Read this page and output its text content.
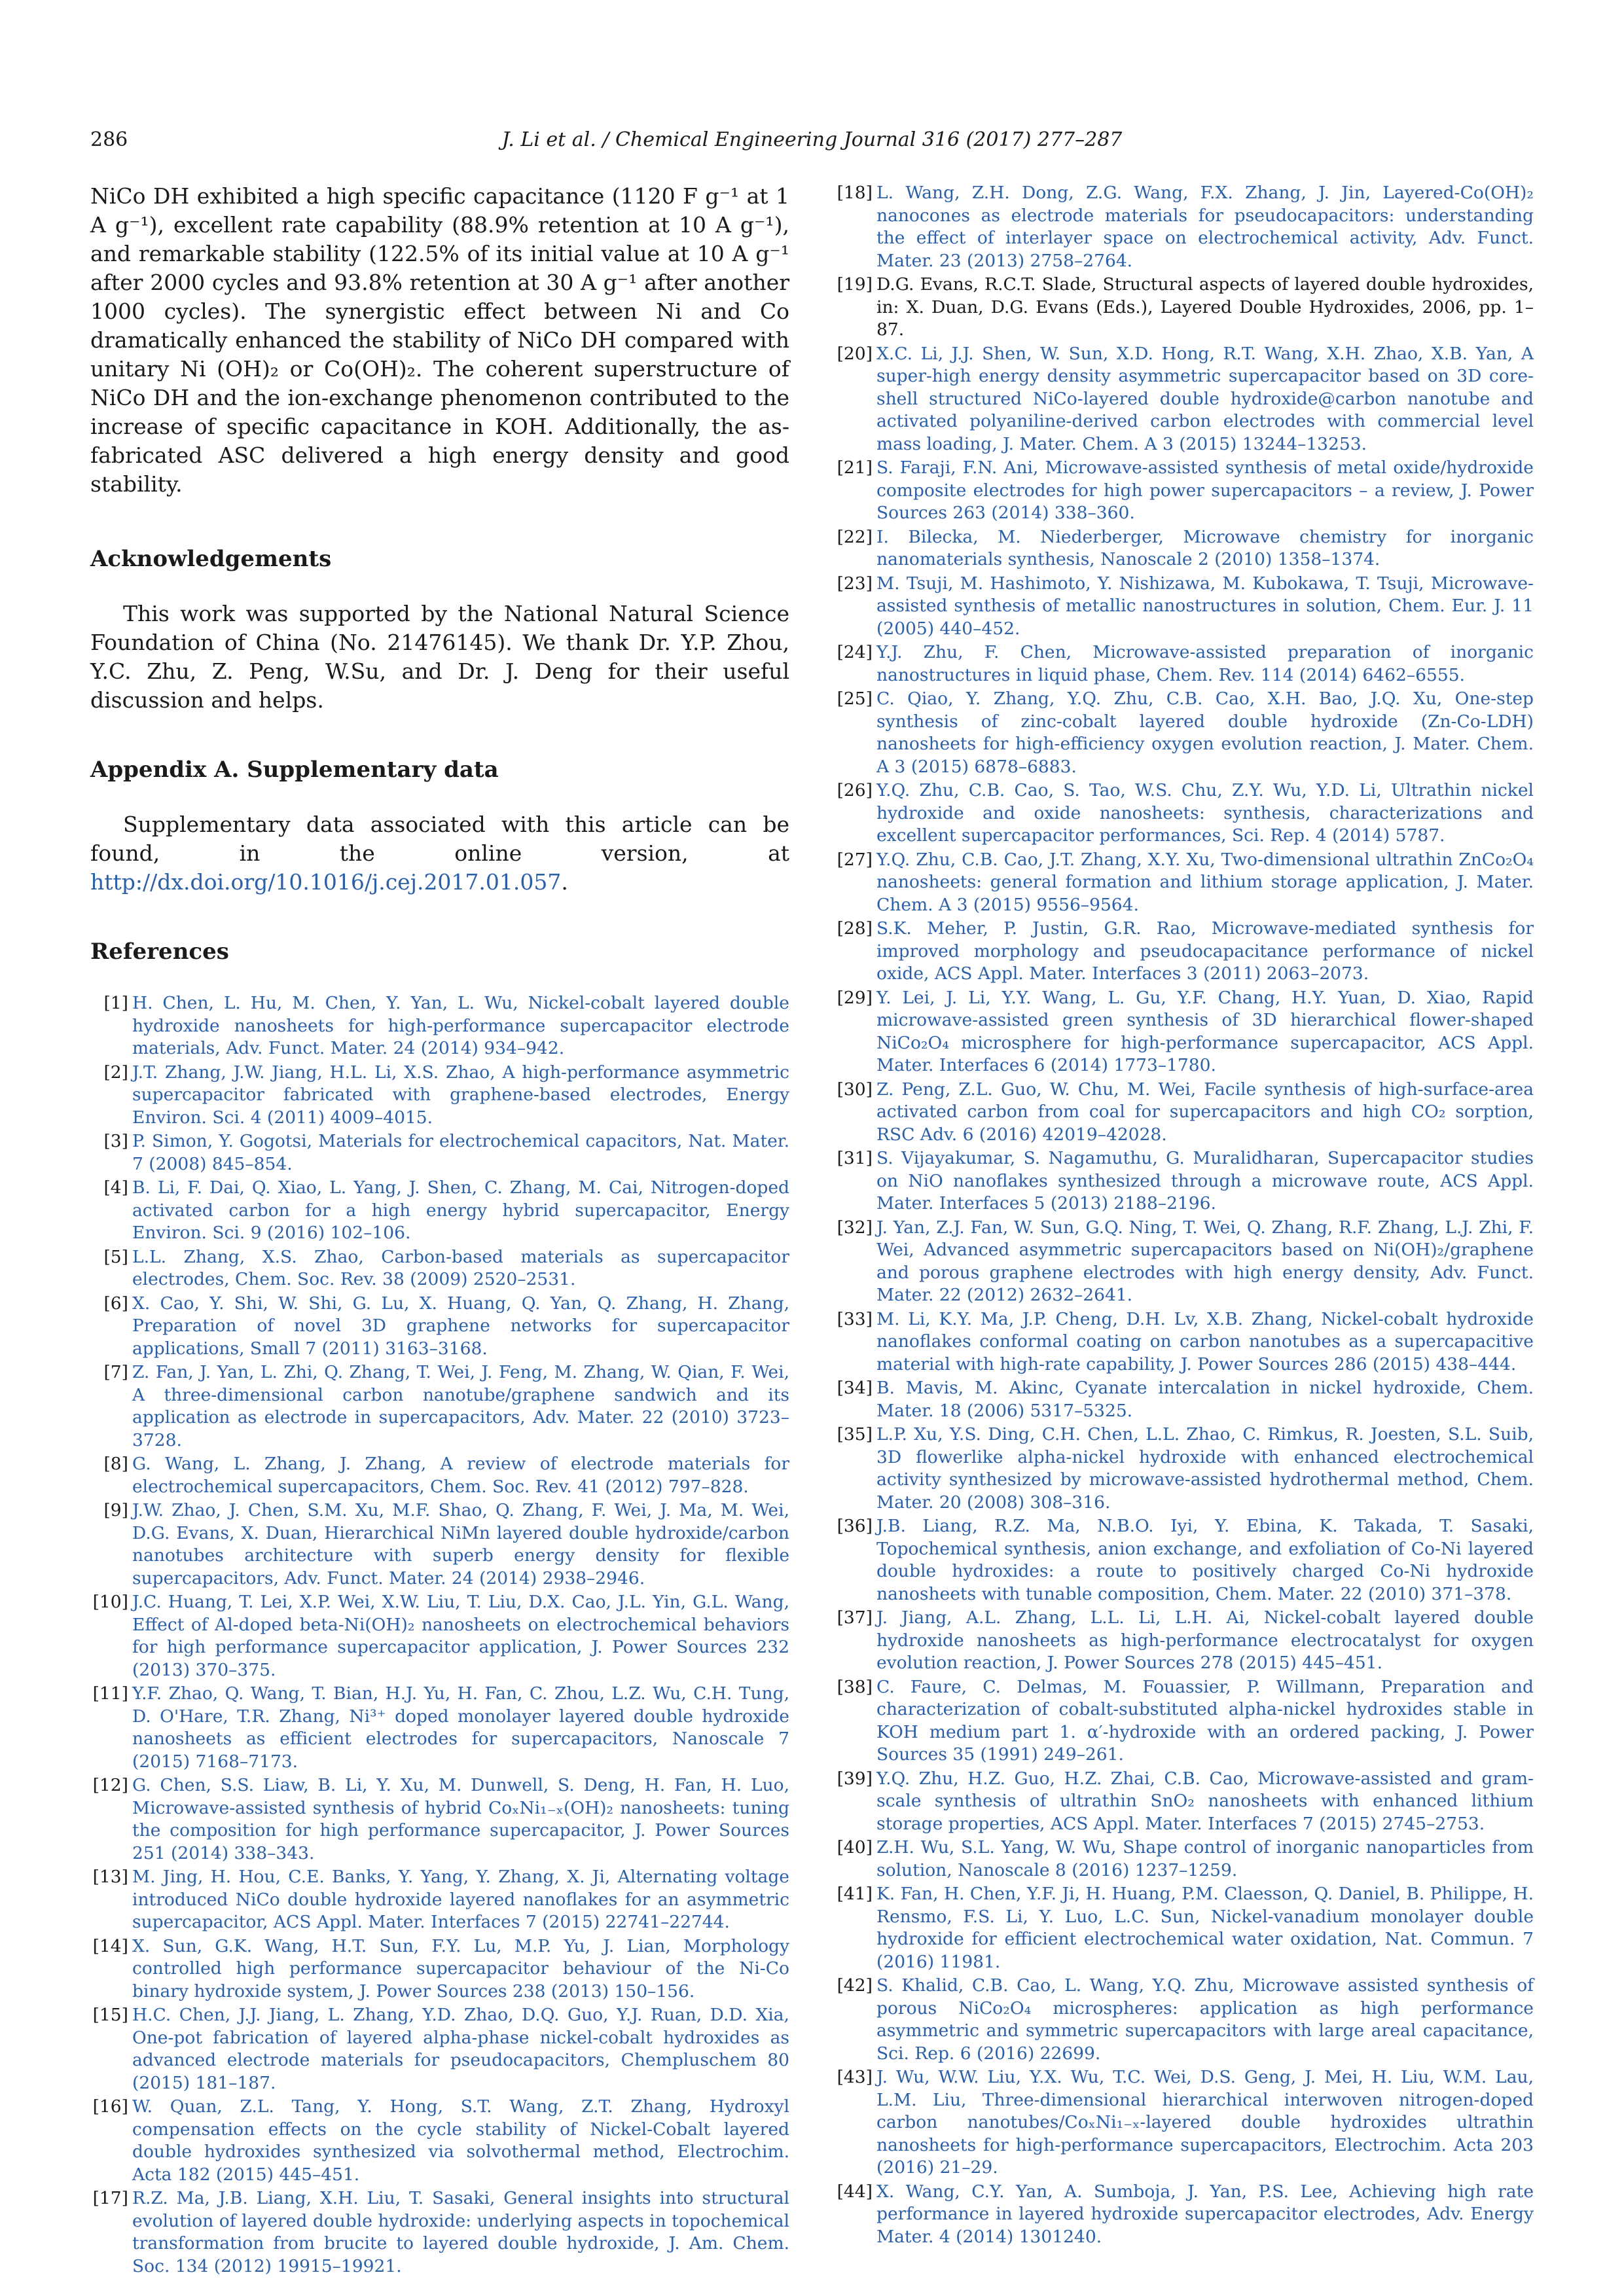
J. Li et al. / Chemical Engineering Journal 316 (2017) 277–287
286

NiCo DH exhibited a high specific capacitance (1120 F g⁻¹ at 1 A g⁻¹), excellent rate capability (88.9% retention at 10 A g⁻¹), and remarkable stability (122.5% of its initial value at 10 A g⁻¹ after 2000 cycles and 93.8% retention at 30 A g⁻¹ after another 1000 cycles). The synergistic effect between Ni and Co dramatically enhanced the stability of NiCo DH compared with unitary Ni (OH)₂ or Co(OH)₂. The coherent superstructure of NiCo DH and the ion-exchange phenomenon contributed to the increase of specific capacitance in KOH. Additionally, the as-fabricated ASC delivered a high energy density and good stability.

Acknowledgements

This work was supported by the National Natural Science Foundation of China (No. 21476145). We thank Dr. Y.P. Zhou, Y.C. Zhu, Z. Peng, W.Su, and Dr. J. Deng for their useful discussion and helps.

Appendix A. Supplementary data

Supplementary data associated with this article can be found, in the online version, at http://dx.doi.org/10.1016/j.cej.2017.01.057.

References
[1] H. Chen, L. Hu, M. Chen, Y. Yan, L. Wu, Nickel-cobalt layered double hydroxide nanosheets for high-performance supercapacitor electrode materials, Adv. Funct. Mater. 24 (2014) 934–942.
[2] J.T. Zhang, J.W. Jiang, H.L. Li, X.S. Zhao, A high-performance asymmetric supercapacitor fabricated with graphene-based electrodes, Energy Environ. Sci. 4 (2011) 4009–4015.
[3] P. Simon, Y. Gogotsi, Materials for electrochemical capacitors, Nat. Mater. 7 (2008) 845–854.
[4] B. Li, F. Dai, Q. Xiao, L. Yang, J. Shen, C. Zhang, M. Cai, Nitrogen-doped activated carbon for a high energy hybrid supercapacitor, Energy Environ. Sci. 9 (2016) 102–106.
[5] L.L. Zhang, X.S. Zhao, Carbon-based materials as supercapacitor electrodes, Chem. Soc. Rev. 38 (2009) 2520–2531.
[6] X. Cao, Y. Shi, W. Shi, G. Lu, X. Huang, Q. Yan, Q. Zhang, H. Zhang, Preparation of novel 3D graphene networks for supercapacitor applications, Small 7 (2011) 3163–3168.
[7] Z. Fan, J. Yan, L. Zhi, Q. Zhang, T. Wei, J. Feng, M. Zhang, W. Qian, F. Wei, A three-dimensional carbon nanotube/graphene sandwich and its application as electrode in supercapacitors, Adv. Mater. 22 (2010) 3723–3728.
[8] G. Wang, L. Zhang, J. Zhang, A review of electrode materials for electrochemical supercapacitors, Chem. Soc. Rev. 41 (2012) 797–828.
[9] J.W. Zhao, J. Chen, S.M. Xu, M.F. Shao, Q. Zhang, F. Wei, J. Ma, M. Wei, D.G. Evans, X. Duan, Hierarchical NiMn layered double hydroxide/carbon nanotubes architecture with superb energy density for flexible supercapacitors, Adv. Funct. Mater. 24 (2014) 2938–2946.
[10] J.C. Huang, T. Lei, X.P. Wei, X.W. Liu, T. Liu, D.X. Cao, J.L. Yin, G.L. Wang, Effect of Al-doped beta-Ni(OH)₂ nanosheets on electrochemical behaviors for high performance supercapacitor application, J. Power Sources 232 (2013) 370–375.
[11] Y.F. Zhao, Q. Wang, T. Bian, H.J. Yu, H. Fan, C. Zhou, L.Z. Wu, C.H. Tung, D. O'Hare, T.R. Zhang, Ni³⁺ doped monolayer layered double hydroxide nanosheets as efficient electrodes for supercapacitors, Nanoscale 7 (2015) 7168–7173.
[12] G. Chen, S.S. Liaw, B. Li, Y. Xu, M. Dunwell, S. Deng, H. Fan, H. Luo, Microwave-assisted synthesis of hybrid CoₓNi₁₋ₓ(OH)₂ nanosheets: tuning the composition for high performance supercapacitor, J. Power Sources 251 (2014) 338–343.
[13] M. Jing, H. Hou, C.E. Banks, Y. Yang, Y. Zhang, X. Ji, Alternating voltage introduced NiCo double hydroxide layered nanoflakes for an asymmetric supercapacitor, ACS Appl. Mater. Interfaces 7 (2015) 22741–22744.
[14] X. Sun, G.K. Wang, H.T. Sun, F.Y. Lu, M.P. Yu, J. Lian, Morphology controlled high performance supercapacitor behaviour of the Ni-Co binary hydroxide system, J. Power Sources 238 (2013) 150–156.
[15] H.C. Chen, J.J. Jiang, L. Zhang, Y.D. Zhao, D.Q. Guo, Y.J. Ruan, D.D. Xia, One-pot fabrication of layered alpha-phase nickel-cobalt hydroxides as advanced electrode materials for pseudocapacitors, Chempluschem 80 (2015) 181–187.
[16] W. Quan, Z.L. Tang, Y. Hong, S.T. Wang, Z.T. Zhang, Hydroxyl compensation effects on the cycle stability of Nickel-Cobalt layered double hydroxides synthesized via solvothermal method, Electrochim. Acta 182 (2015) 445–451.
[17] R.Z. Ma, J.B. Liang, X.H. Liu, T. Sasaki, General insights into structural evolution of layered double hydroxide: underlying aspects in topochemical transformation from brucite to layered double hydroxide, J. Am. Chem. Soc. 134 (2012) 19915–19921.
[18] L. Wang, Z.H. Dong, Z.G. Wang, F.X. Zhang, J. Jin, Layered-Co(OH)₂ nanocones as electrode materials for pseudocapacitors: understanding the effect of interlayer space on electrochemical activity, Adv. Funct. Mater. 23 (2013) 2758–2764.
[19] D.G. Evans, R.C.T. Slade, Structural aspects of layered double hydroxides, in: X. Duan, D.G. Evans (Eds.), Layered Double Hydroxides, 2006, pp. 1–87.
[20] X.C. Li, J.J. Shen, W. Sun, X.D. Hong, R.T. Wang, X.H. Zhao, X.B. Yan, A super-high energy density asymmetric supercapacitor based on 3D core-shell structured NiCo-layered double hydroxide@carbon nanotube and activated polyaniline-derived carbon electrodes with commercial level mass loading, J. Mater. Chem. A 3 (2015) 13244–13253.
[21] S. Faraji, F.N. Ani, Microwave-assisted synthesis of metal oxide/hydroxide composite electrodes for high power supercapacitors – a review, J. Power Sources 263 (2014) 338–360.
[22] I. Bilecka, M. Niederberger, Microwave chemistry for inorganic nanomaterials synthesis, Nanoscale 2 (2010) 1358–1374.
[23] M. Tsuji, M. Hashimoto, Y. Nishizawa, M. Kubokawa, T. Tsuji, Microwave-assisted synthesis of metallic nanostructures in solution, Chem. Eur. J. 11 (2005) 440–452.
[24] Y.J. Zhu, F. Chen, Microwave-assisted preparation of inorganic nanostructures in liquid phase, Chem. Rev. 114 (2014) 6462–6555.
[25] C. Qiao, Y. Zhang, Y.Q. Zhu, C.B. Cao, X.H. Bao, J.Q. Xu, One-step synthesis of zinc-cobalt layered double hydroxide (Zn-Co-LDH) nanosheets for high-efficiency oxygen evolution reaction, J. Mater. Chem. A 3 (2015) 6878–6883.
[26] Y.Q. Zhu, C.B. Cao, S. Tao, W.S. Chu, Z.Y. Wu, Y.D. Li, Ultrathin nickel hydroxide and oxide nanosheets: synthesis, characterizations and excellent supercapacitor performances, Sci. Rep. 4 (2014) 5787.
[27] Y.Q. Zhu, C.B. Cao, J.T. Zhang, X.Y. Xu, Two-dimensional ultrathin ZnCo₂O₄ nanosheets: general formation and lithium storage application, J. Mater. Chem. A 3 (2015) 9556–9564.
[28] S.K. Meher, P. Justin, G.R. Rao, Microwave-mediated synthesis for improved morphology and pseudocapacitance performance of nickel oxide, ACS Appl. Mater. Interfaces 3 (2011) 2063–2073.
[29] Y. Lei, J. Li, Y.Y. Wang, L. Gu, Y.F. Chang, H.Y. Yuan, D. Xiao, Rapid microwave-assisted green synthesis of 3D hierarchical flower-shaped NiCo₂O₄ microsphere for high-performance supercapacitor, ACS Appl. Mater. Interfaces 6 (2014) 1773–1780.
[30] Z. Peng, Z.L. Guo, W. Chu, M. Wei, Facile synthesis of high-surface-area activated carbon from coal for supercapacitors and high CO₂ sorption, RSC Adv. 6 (2016) 42019–42028.
[31] S. Vijayakumar, S. Nagamuthu, G. Muralidharan, Supercapacitor studies on NiO nanoflakes synthesized through a microwave route, ACS Appl. Mater. Interfaces 5 (2013) 2188–2196.
[32] J. Yan, Z.J. Fan, W. Sun, G.Q. Ning, T. Wei, Q. Zhang, R.F. Zhang, L.J. Zhi, F. Wei, Advanced asymmetric supercapacitors based on Ni(OH)₂/graphene and porous graphene electrodes with high energy density, Adv. Funct. Mater. 22 (2012) 2632–2641.
[33] M. Li, K.Y. Ma, J.P. Cheng, D.H. Lv, X.B. Zhang, Nickel-cobalt hydroxide nanoflakes conformal coating on carbon nanotubes as a supercapacitive material with high-rate capability, J. Power Sources 286 (2015) 438–444.
[34] B. Mavis, M. Akinc, Cyanate intercalation in nickel hydroxide, Chem. Mater. 18 (2006) 5317–5325.
[35] L.P. Xu, Y.S. Ding, C.H. Chen, L.L. Zhao, C. Rimkus, R. Joesten, S.L. Suib, 3D flowerlike alpha-nickel hydroxide with enhanced electrochemical activity synthesized by microwave-assisted hydrothermal method, Chem. Mater. 20 (2008) 308–316.
[36] J.B. Liang, R.Z. Ma, N.B.O. Iyi, Y. Ebina, K. Takada, T. Sasaki, Topochemical synthesis, anion exchange, and exfoliation of Co-Ni layered double hydroxides: a route to positively charged Co-Ni hydroxide nanosheets with tunable composition, Chem. Mater. 22 (2010) 371–378.
[37] J. Jiang, A.L. Zhang, L.L. Li, L.H. Ai, Nickel-cobalt layered double hydroxide nanosheets as high-performance electrocatalyst for oxygen evolution reaction, J. Power Sources 278 (2015) 445–451.
[38] C. Faure, C. Delmas, M. Fouassier, P. Willmann, Preparation and characterization of cobalt-substituted alpha-nickel hydroxides stable in KOH medium part 1. α′-hydroxide with an ordered packing, J. Power Sources 35 (1991) 249–261.
[39] Y.Q. Zhu, H.Z. Guo, H.Z. Zhai, C.B. Cao, Microwave-assisted and gram-scale synthesis of ultrathin SnO₂ nanosheets with enhanced lithium storage properties, ACS Appl. Mater. Interfaces 7 (2015) 2745–2753.
[40] Z.H. Wu, S.L. Yang, W. Wu, Shape control of inorganic nanoparticles from solution, Nanoscale 8 (2016) 1237–1259.
[41] K. Fan, H. Chen, Y.F. Ji, H. Huang, P.M. Claesson, Q. Daniel, B. Philippe, H. Rensmo, F.S. Li, Y. Luo, L.C. Sun, Nickel-vanadium monolayer double hydroxide for efficient electrochemical water oxidation, Nat. Commun. 7 (2016) 11981.
[42] S. Khalid, C.B. Cao, L. Wang, Y.Q. Zhu, Microwave assisted synthesis of porous NiCo₂O₄ microspheres: application as high performance asymmetric and symmetric supercapacitors with large areal capacitance, Sci. Rep. 6 (2016) 22699.
[43] J. Wu, W.W. Liu, Y.X. Wu, T.C. Wei, D.S. Geng, J. Mei, H. Liu, W.M. Lau, L.M. Liu, Three-dimensional hierarchical interwoven nitrogen-doped carbon nanotubes/CoₓNi₁₋ₓ-layered double hydroxides ultrathin nanosheets for high-performance supercapacitors, Electrochim. Acta 203 (2016) 21–29.
[44] X. Wang, C.Y. Yan, A. Sumboja, J. Yan, P.S. Lee, Achieving high rate performance in layered hydroxide supercapacitor electrodes, Adv. Energy Mater. 4 (2014) 1301240.
